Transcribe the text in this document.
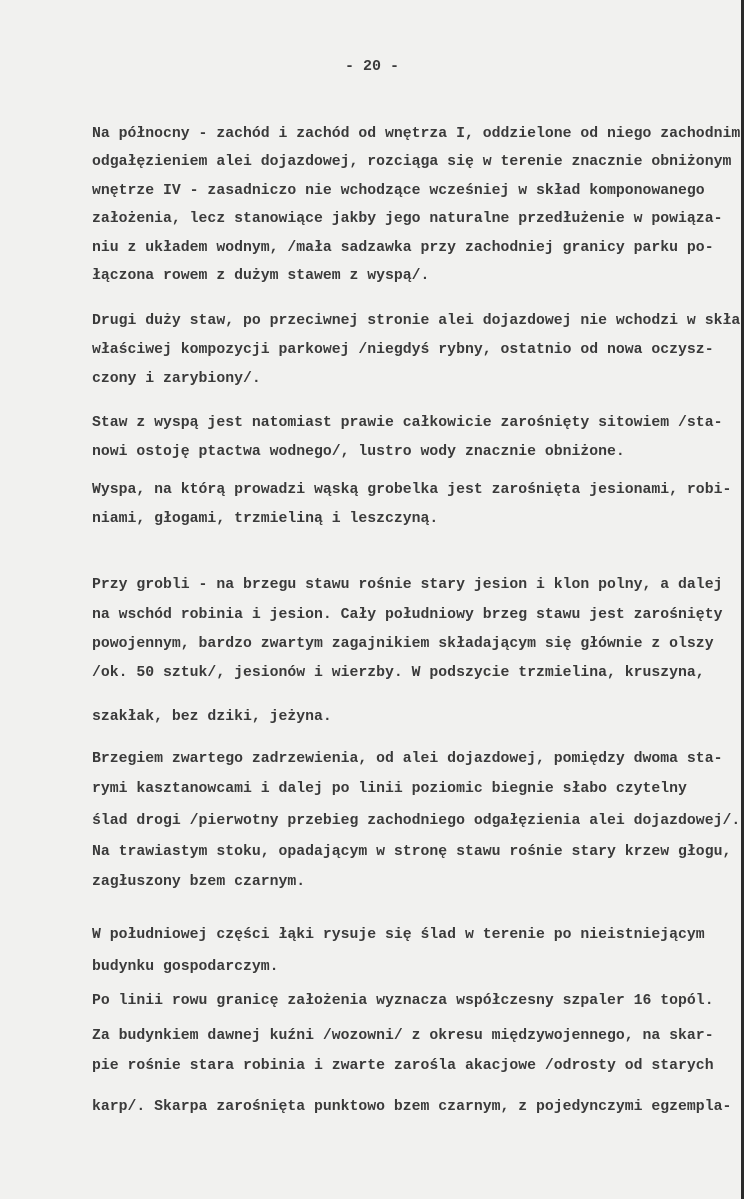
- 20 -
Na północny - zachód i zachód od wnętrza I, oddzielone od niego zachodnim
odgałęzieniem alei dojazdowej, rozciąga się w terenie znacznie obniżonym
wnętrze IV - zasadniczo nie wchodzące wcześniej w skład komponowanego
założenia, lecz stanowiące jakby jego naturalne przedłużenie w powiąza-
niu z układem wodnym, /mała sadzawka przy zachodniej granicy parku po-
łączona rowem z dużym stawem z wyspą/.
Drugi duży staw, po przeciwnej stronie alei dojazdowej nie wchodzi w skła
właściwej kompozycji parkowej /niegdyś rybny, ostatnio od nowa oczysz-
czony i zarybiony/.
Staw z wyspą jest natomiast prawie całkowicie zarośnięty sitowiem /sta-
nowi ostoję ptactwa wodnego/, lustro wody znacznie obniżone.
Wyspa, na którą prowadzi wąską grobelka jest zarośnięta jesionami, robi-
niami, głogami, trzmieliną i leszczyną.
Przy grobli - na brzegu stawu rośnie stary jesion i klon polny, a dalej
na wschód robinia i jesion. Cały południowy brzeg stawu jest zarośnięty
powojennym, bardzo zwartym zagajnikiem składającym się głównie z olszy
/ok. 50 sztuk/, jesionów i wierzby. W podszycie trzmielina, kruszyna,
szakłak, bez dziki, jeżyna.
Brzegiem zwartego zadrzewienia, od alei dojazdowej, pomiędzy dwoma sta-
rymi kasztanowcami i dalej po linii poziomic biegnie słabo czytelny
ślad drogi /pierwotny przebieg zachodniego odgałęzienia alei dojazdowej/.
Na trawiastym stoku, opadającym w stronę stawu rośnie stary krzew głogu,
zagłuszony bzem czarnym.
W południowej części łąki rysuje się ślad w terenie po nieistniejącym
budynku gospodarczym.
Po linii rowu granicę założenia wyznacza współczesny szpaler 16 topól.
Za budynkiem dawnej kuźni /wozowni/ z okresu międzywojennego, na skar-
pie rośnie stara robinia i zwarte zarośla akacjowe /odrosty od starych
karp/. Skarpa zarośnięta punktowo bzem czarnym, z pojedynczymi egzempla-
